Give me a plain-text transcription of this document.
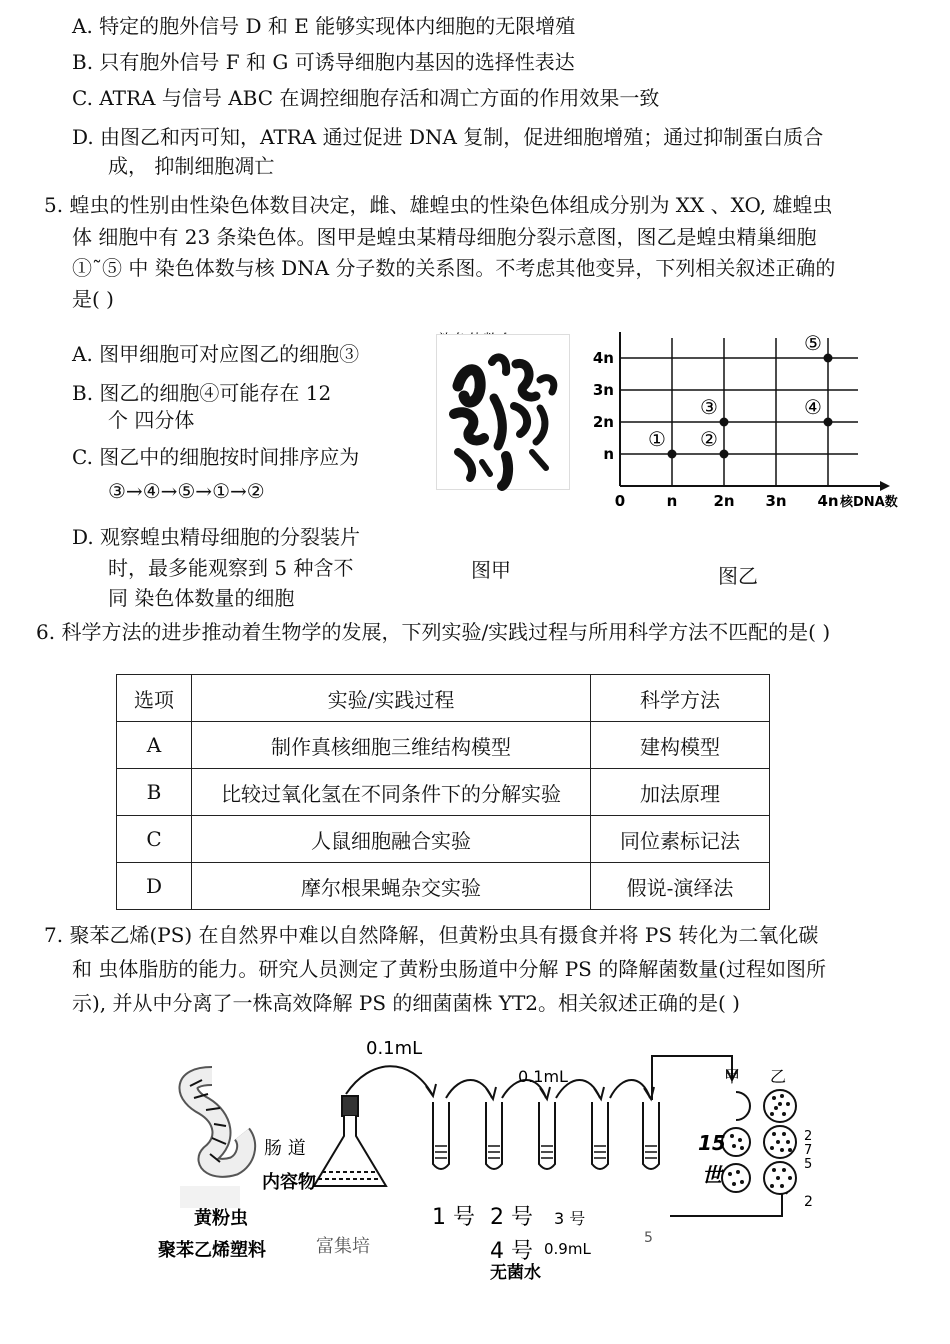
A. 特定的胞外信号 D 和 E 能够实现体内细胞的无限增殖
B. 只有胞外信号 F 和 G 可诱导细胞内基因的选择性表达
C. ATRA 与信号 ABC 在调控细胞存活和凋亡方面的作用效果一致
D. 由图乙和丙可知，ATRA 通过促进 DNA 复制，促进细胞增殖；通过抑制蛋白质合
成， 抑制细胞凋亡
5. 蝗虫的性别由性染色体数目决定，雌、雄蝗虫的性染色体组成分别为 XX 、XO, 雄蝗虫
体 细胞中有 23 条染色体。图甲是蝗虫某精母细胞分裂示意图，图乙是蝗虫精巢细胞
①˜⑤ 中 染色体数与核 DNA 分子数的关系图。不考虑其他变异，下列相关叙述正确的
是( )
A. 图甲细胞可对应图乙的细胞③
B. 图乙的细胞④可能存在 12
个 四分体
C. 图乙中的细胞按时间排序应为
③→④→⑤→①→②
D. 观察蝗虫精母细胞的分裂装片
时，最多能观察到 5 种含不
同 染色体数量的细胞
图甲
0	n 2n 3n 4n
n
2n
3n
4n
核DNA数
① ②
③	④
⑤
图乙
6. 科学方法的进步推动着生物学的发展，下列实验/实践过程与所用科学方法不匹配的是( )
选项	实验/实践过程	科学方法
A	制作真核细胞三维结构模型	建构模型
B	比较过氧化氢在不同条件下的分解实验	加法原理
C	人鼠细胞融合实验	同位素标记法
D	摩尔根果蝇杂交实验	假说-演绎法
7. 聚苯乙烯(PS) 在自然界中难以自然降解，但黄粉虫具有摄食并将 PS 转化为二氧化碳
和 虫体脂肪的能力。研究人员测定了黄粉虫肠道中分解 PS 的降解菌数量(过程如图所
示), 并从中分离了一株高效降解 PS 的细菌菌株 YT2。相关叙述正确的是( )
0.1mL
0.1mL
肠 道
内容物
黄粉虫
聚苯乙烯塑料	富集培
1 号 2 号 3 号
4 号 0.9mL
无菌水
甲 乙
15
世
2
7
5
2
5
